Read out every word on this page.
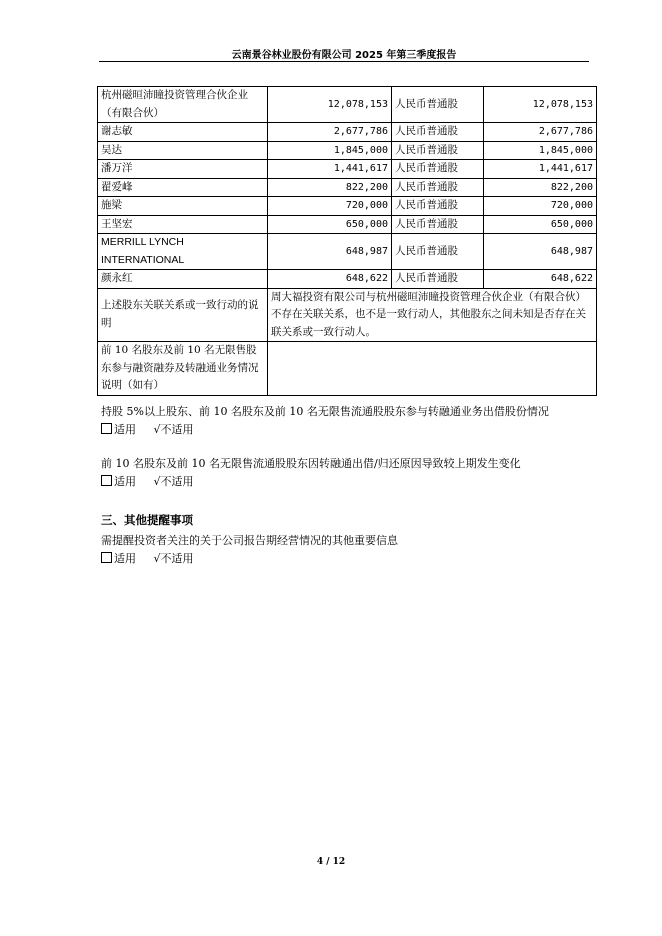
云南景谷林业股份有限公司 2025 年第三季度报告
杭州磁晅沛瞳投资管理合伙企业（有限合伙）	12,078,153	人民币普通股	12,078,153
谢志敏	2,677,786	人民币普通股	2,677,786
吴达	1,845,000	人民币普通股	1,845,000
潘万洋	1,441,617	人民币普通股	1,441,617
翟爱峰	822,200	人民币普通股	822,200
施梁	720,000	人民币普通股	720,000
王坚宏	650,000	人民币普通股	650,000
MERRILL LYNCH INTERNATIONAL	648,987	人民币普通股	648,987
颜永红	648,622	人民币普通股	648,622
上述股东关联关系或一致行动的说明	周大福投资有限公司与杭州磁晅沛瞳投资管理合伙企业（有限合伙）不存在关联关系，也不是一致行动人，其他股东之间未知是否存在关联关系或一致行动人。		
前 10 名股东及前 10 名无限售股东参与融资融券及转融通业务情况说明（如有）			
持股 5%以上股东、前 10 名股东及前 10 名无限售流通股股东参与转融通业务出借股份情况
适用 √不适用
前 10 名股东及前 10 名无限售流通股股东因转融通出借/归还原因导致较上期发生变化
适用 √不适用
三、其他提醒事项
需提醒投资者关注的关于公司报告期经营情况的其他重要信息
适用 √不适用
4 / 12
